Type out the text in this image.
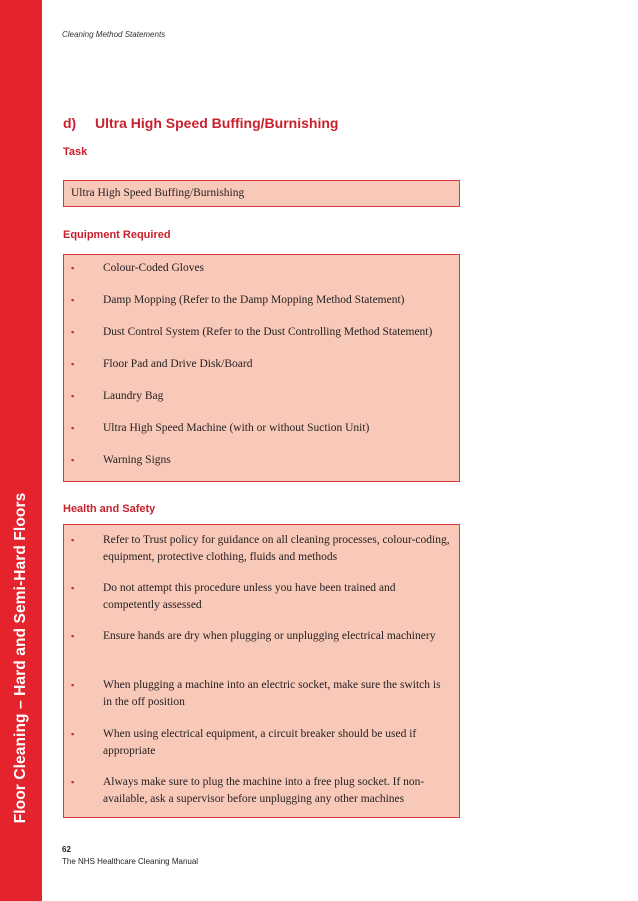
Floor Cleaning – Hard and Semi-Hard Floors
Cleaning Method Statements
d) Ultra High Speed Buffing/Burnishing
Task
Ultra High Speed Buffing/Burnishing
Equipment Required
▪	Colour-Coded Gloves
▪	Damp Mopping (Refer to the Damp Mopping Method Statement)
▪	Dust Control System (Refer to the Dust Controlling Method Statement)
▪	Floor Pad and Drive Disk/Board
▪	Laundry Bag
▪	Ultra High Speed Machine (with or without Suction Unit)
▪	Warning Signs
Health and Safety
▪	Refer to Trust policy for guidance on all cleaning processes, colour-coding, equipment, protective clothing, fluids and methods
▪	Do not attempt this procedure unless you have been trained and competently assessed
▪	Ensure hands are dry when plugging or unplugging electrical machinery
▪	When plugging a machine into an electric socket, make sure the switch is in the off position
▪	When using electrical equipment, a circuit breaker should be used if appropriate
▪	Always make sure to plug the machine into a free plug socket. If non-available, ask a supervisor before unplugging any other machines
62
The NHS Healthcare Cleaning Manual
